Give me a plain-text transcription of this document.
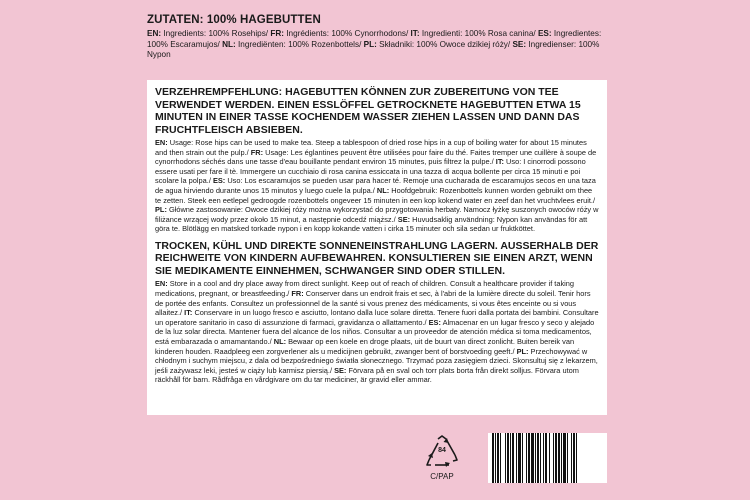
ZUTATEN: 100% HAGEBUTTEN

EN: Ingredients: 100% Rosehips/ FR: Ingrédients: 100% Cynorrhodons/ IT: Ingredienti: 100% Rosa canina/ ES: Ingredientes: 100% Escaramujos/ NL: Ingrediënten: 100% Rozenbottels/ PL: Składniki: 100% Owoce dzikiej róży/ SE: Ingredienser: 100% Nypon

VERZEHREMPFEHLUNG: HAGEBUTTEN KÖNNEN ZUR ZUBEREITUNG VON TEE VERWENDET WERDEN. EINEN ESSLÖFFEL GETROCKNETE HAGEBUTTEN ETWA 15 MINUTEN IN EINER TASSE KOCHENDEM WASSER ZIEHEN LASSEN UND DANN DAS FRUCHTFLEISCH ABSIEBEN.

EN: Usage: Rose hips can be used to make tea. Steep a tablespoon of dried rose hips in a cup of boiling water for about 15 minutes and then strain out the pulp./ FR: Usage: Les églantines peuvent être utilisées pour faire du thé. Faites tremper une cuillère à soupe de cynorrhodons séchés dans une tasse d'eau bouillante pendant environ 15 minutes, puis filtrez la pulpe./ IT: Uso: I cinorrodi possono essere usati per fare il tè. Immergere un cucchiaio di rosa canina essiccata in una tazza di acqua bollente per circa 15 minuti e poi scolare la polpa./ ES: Uso: Los escaramujos se pueden usar para hacer té. Remoje una cucharada de escaramujos secos en una taza de agua hirviendo durante unos 15 minutos y luego cuele la pulpa./ NL: Hoofdgebruik: Rozenbottels kunnen worden gebruikt om thee te zetten. Steek een eetlepel gedroogde rozenbottels ongeveer 15 minuten in een kop kokend water en zeef dan het vruchtvlees eruit./ PL: Główne zastosowanie: Owoce dzikiej róży można wykorzystać do przygotowania herbaty. Namocz łyżkę suszonych owoców róży w filiżance wrzącej wody przez około 15 minut, a następnie odcedź miąższ./ SE: Huvudsaklig användning: Nypon kan användas för att göra te. Blötlägg en matsked torkade nypon i en kopp kokande vatten i cirka 15 minuter och sila sedan ur fruktköttet.

TROCKEN, KÜHL UND DIREKTE SONNENEINSTRAHLUNG LAGERN. AUSSERHALB DER REICHWEITE VON KINDERN AUFBEWAHREN. KONSULTIEREN SIE EINEN ARZT, WENN SIE MEDIKAMENTE EINNEHMEN, SCHWANGER SIND ODER STILLEN.

EN: Store in a cool and dry place away from direct sunlight. Keep out of reach of children. Consult a healthcare provider if taking medications, pregnant, or breastfeeding./ FR: Conserver dans un endroit frais et sec, à l'abri de la lumière directe du soleil. Tenir hors de portée des enfants. Consultez un professionnel de la santé si vous prenez des médicaments, si vous êtes enceinte ou si vous allaitez./ IT: Conservare in un luogo fresco e asciutto, lontano dalla luce solare diretta. Tenere fuori dalla portata dei bambini. Consultare un operatore sanitario in caso di assunzione di farmaci, gravidanza o allattamento./ ES: Almacenar en un lugar fresco y seco y alejado de la luz solar directa. Mantener fuera del alcance de los niños. Consultar a un proveedor de atención médica si toma medicamentos, está embarazada o amamantando./ NL: Bewaar op een koele en droge plaats, uit de buurt van direct zonlicht. Buiten bereik van kinderen houden. Raadpleeg een zorgverlener als u medicijnen gebruikt, zwanger bent of borstvoeding geeft./ PL: Przechowywać w chłodnym i suchym miejscu, z dala od bezpośredniego światła słonecznego. Trzymać poza zasięgiem dzieci. Skonsultuj się z lekarzem, jeśli zażywasz leki, jesteś w ciąży lub karmisz piersią./ SE: Förvara på en sval och torr plats borta från direkt solljus. Förvara utom räckhåll för barn. Rådfråga en vårdgivare om du tar mediciner, är gravid eller ammar.

84
C/PAP
